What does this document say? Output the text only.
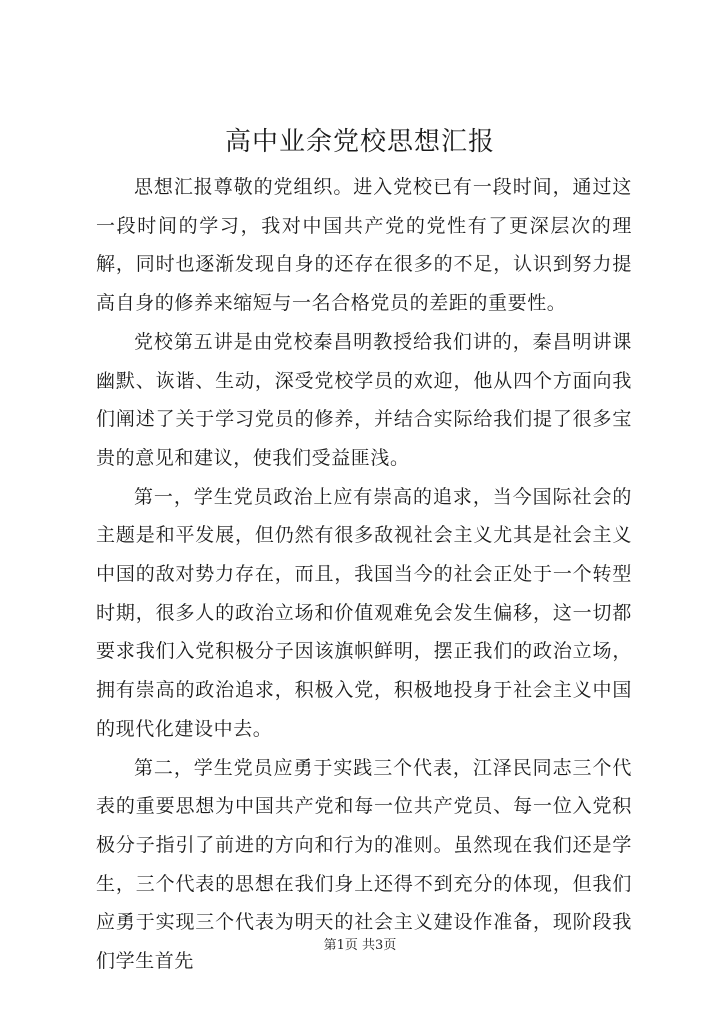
高中业余党校思想汇报

思想汇报尊敬的党组织。进入党校已有一段时间，通过这一段时间的学习，我对中国共产党的党性有了更深层次的理解，同时也逐渐发现自身的还存在很多的不足，认识到努力提高自身的修养来缩短与一名合格党员的差距的重要性。

党校第五讲是由党校秦昌明教授给我们讲的，秦昌明讲课幽默、诙谐、生动，深受党校学员的欢迎，他从四个方面向我们阐述了关于学习党员的修养，并结合实际给我们提了很多宝贵的意见和建议，使我们受益匪浅。

第一，学生党员政治上应有崇高的追求，当今国际社会的主题是和平发展，但仍然有很多敌视社会主义尤其是社会主义中国的敌对势力存在，而且，我国当今的社会正处于一个转型时期，很多人的政治立场和价值观难免会发生偏移，这一切都要求我们入党积极分子因该旗帜鲜明，摆正我们的政治立场，拥有崇高的政治追求，积极入党，积极地投身于社会主义中国的现代化建设中去。

第二，学生党员应勇于实践三个代表，江泽民同志三个代表的重要思想为中国共产党和每一位共产党员、每一位入党积极分子指引了前进的方向和行为的准则。虽然现在我们还是学生，三个代表的思想在我们身上还得不到充分的体现，但我们应勇于实现三个代表为明天的社会主义建设作准备，现阶段我们学生首先

第1页 共3页
